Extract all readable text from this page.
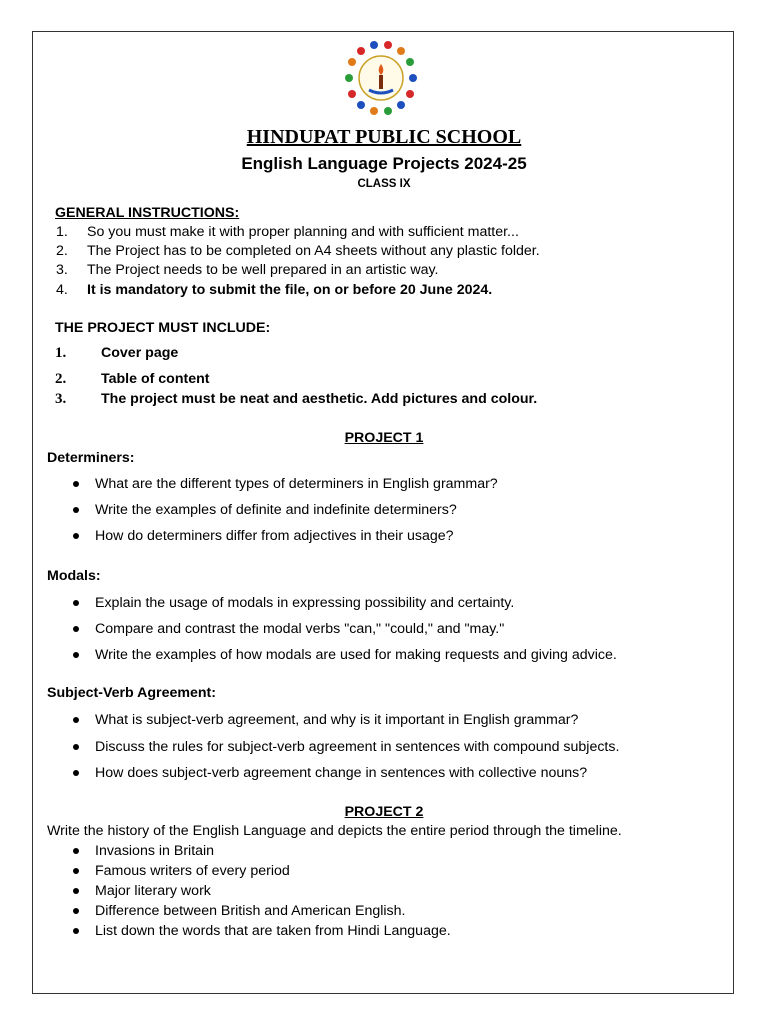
HINDUPAT PUBLIC SCHOOL
English Language Projects 2024-25
CLASS IX
GENERAL INSTRUCTIONS:
1. So you must make it with proper planning and with sufficient matter...
2. The Project has to be completed on A4 sheets without any plastic folder.
3. The Project needs to be well prepared in an artistic way.
4. It is mandatory to submit the file, on or before 20 June 2024.
THE PROJECT MUST INCLUDE:
1. Cover page
2. Table of content
3. The project must be neat and aesthetic. Add pictures and colour.
PROJECT 1
Determiners:
What are the different types of determiners in English grammar?
Write the examples of definite and indefinite determiners?
How do determiners differ from adjectives in their usage?
Modals:
Explain the usage of modals in expressing possibility and certainty.
Compare and contrast the modal verbs "can," "could," and "may."
Write the examples of how modals are used for making requests and giving advice.
Subject-Verb Agreement:
What is subject-verb agreement, and why is it important in English grammar?
Discuss the rules for subject-verb agreement in sentences with compound subjects.
How does subject-verb agreement change in sentences with collective nouns?
PROJECT 2
Write the history of the English Language and depicts the entire period through the timeline.
Invasions in Britain
Famous writers of every period
Major literary work
Difference between British and American English.
List down the words that are taken from Hindi Language.
